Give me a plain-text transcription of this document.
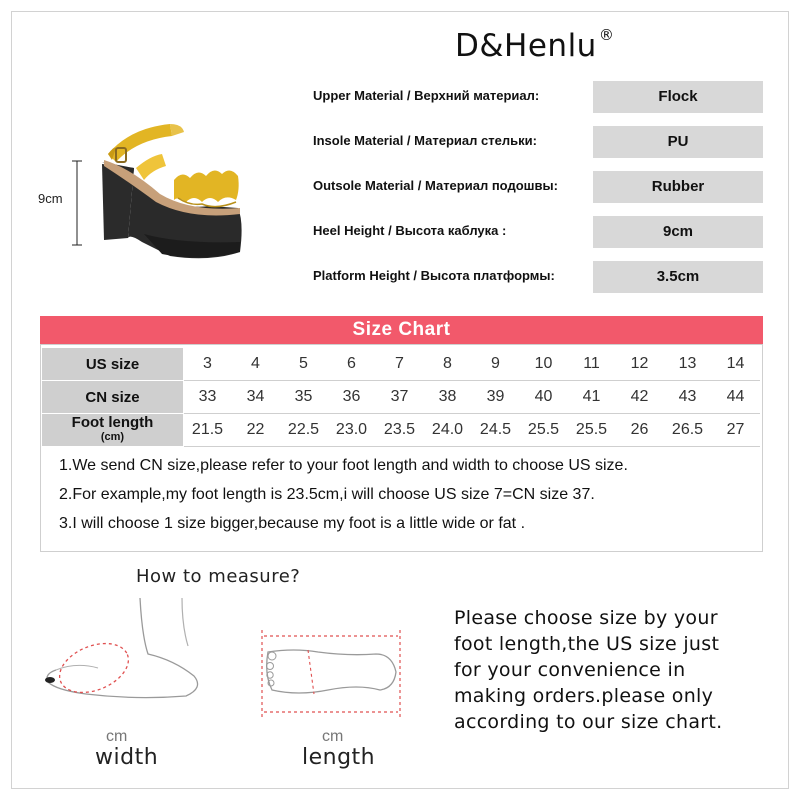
D&Henlu ®
9cm
Upper Material / Верхний материал:	Flock
Insole Material / Материал стельки:	PU
Outsole Material / Материал подошвы:	Rubber
Heel Height / Высота каблука :	9cm
Platform Height / Высота платформы:	3.5cm
Size Chart
US size	3	4	5	6	7	8	9	10	11	12	13	14
CN size	33	34	35	36	37	38	39	40	41	42	43	44
Foot length
(cm)	21.5	22	22.5	23.0	23.5	24.0	24.5	25.5	25.5	26	26.5	27

1.We send CN size,please refer to your foot length and width to choose US size.

2.For example,my foot length is 23.5cm,i will choose US size 7=CN size 37.

3.I will choose 1 size bigger,because my foot is a little wide or fat .

How to measure?
cm
width
cm
length

Please choose size by your

foot length,the US size just

for your convenience in

making orders.please only

according to our size chart.
